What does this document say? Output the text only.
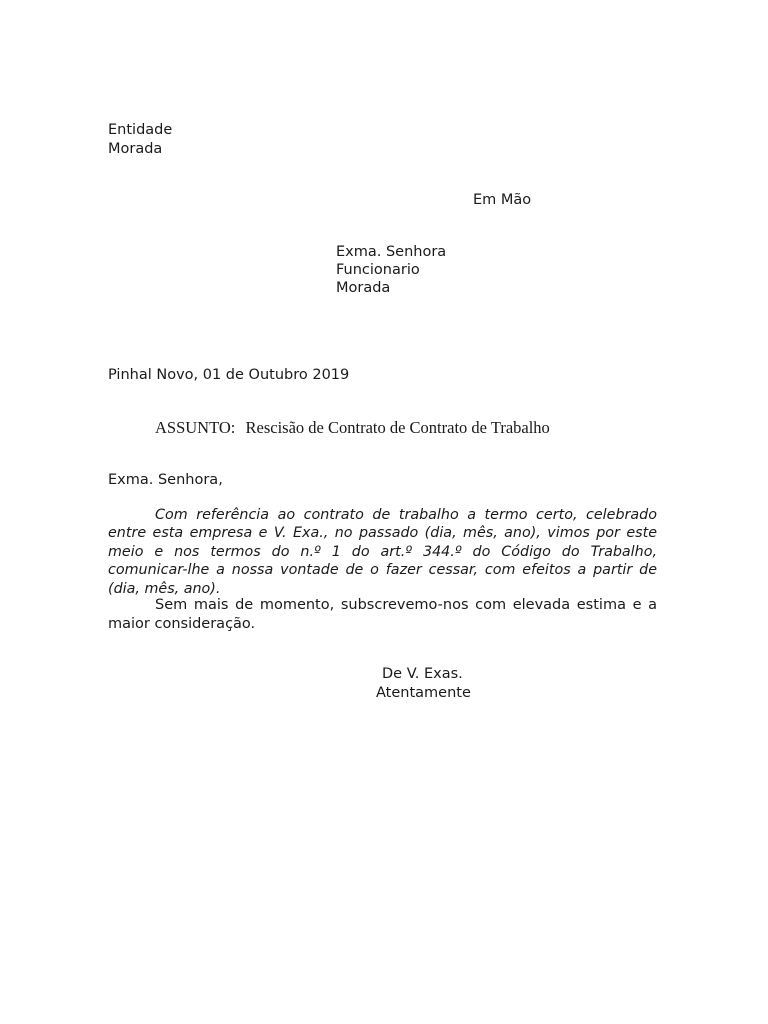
Entidade
Morada
Em Mão
Exma. Senhora
Funcionario
Morada
Pinhal Novo, 01 de Outubro 2019
ASSUNTO: Rescisão de Contrato de Contrato de Trabalho
Exma. Senhora,
Com referência ao contrato de trabalho a termo certo, celebrado entre esta empresa e V. Exa., no passado (dia, mês, ano), vimos por este meio e nos termos do n.º 1 do art.º 344.º do Código do Trabalho, comunicar-lhe a nossa vontade de o fazer cessar, com efeitos a partir de (dia, mês, ano).
Sem mais de momento, subscrevemo-nos com elevada estima e a maior consideração.
De V. Exas.
Atentamente
